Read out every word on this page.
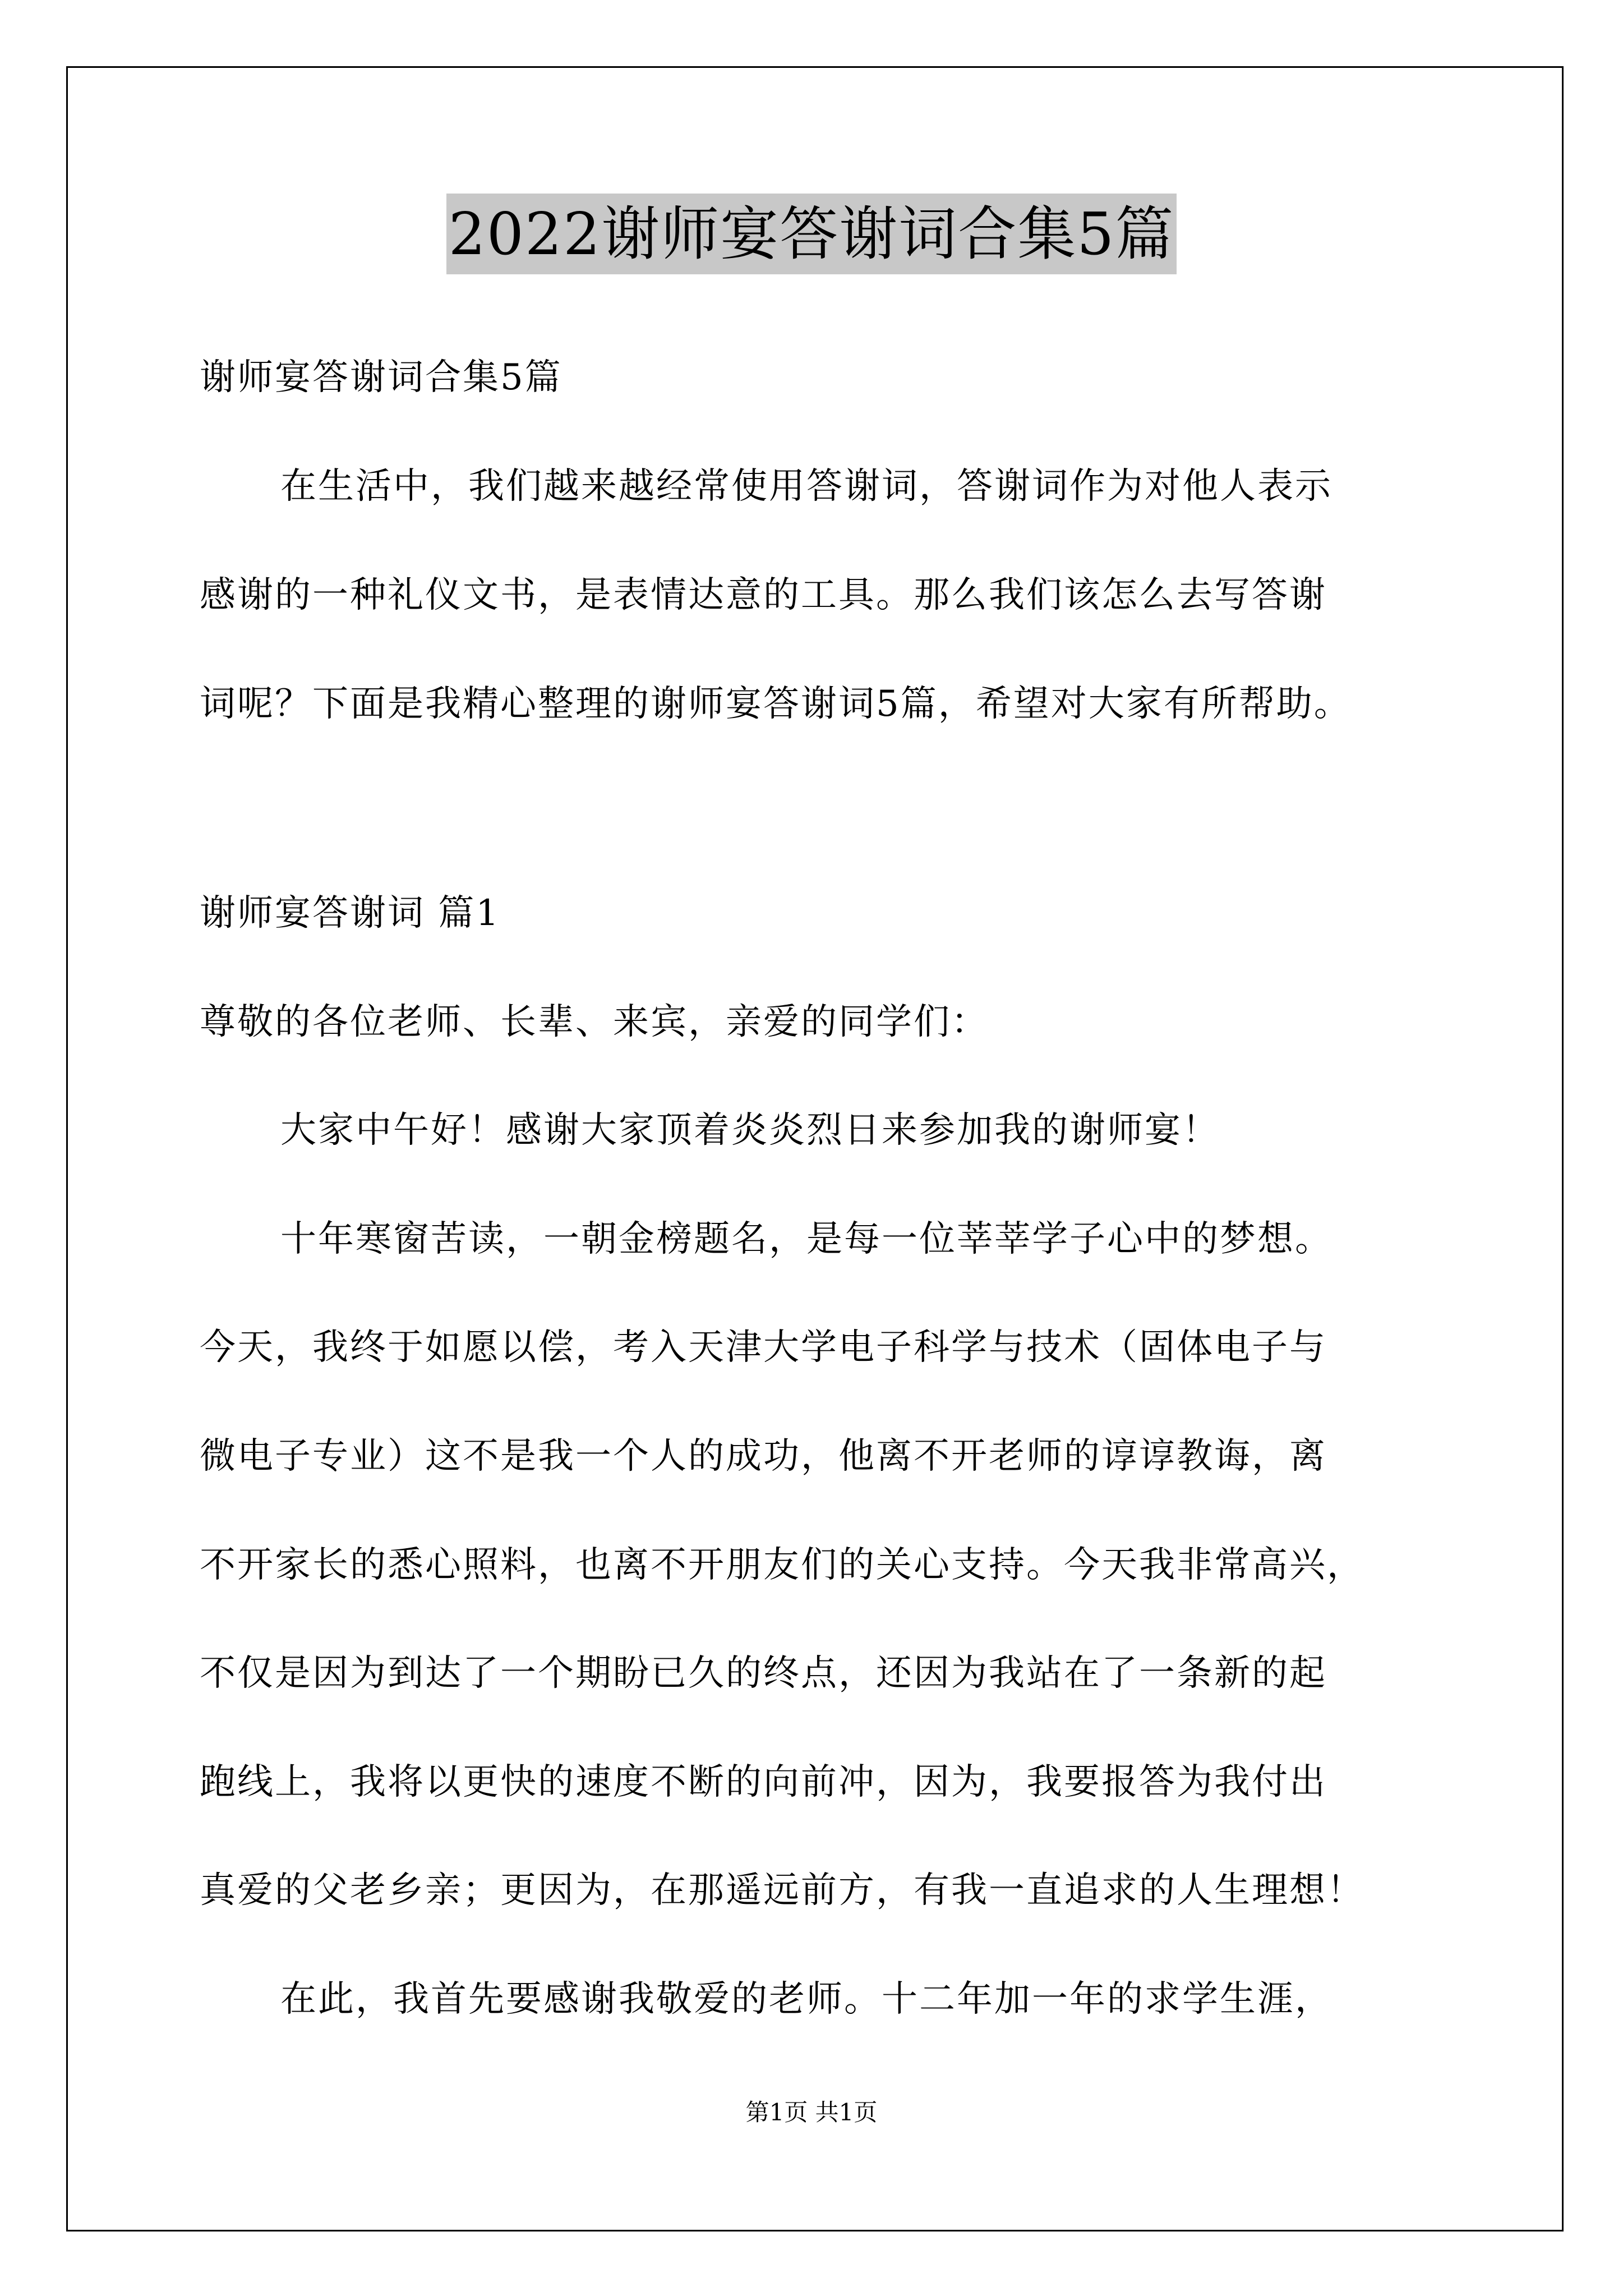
2022谢师宴答谢词合集5篇
谢师宴答谢词合集5篇
在生活中，我们越来越经常使用答谢词，答谢词作为对他人表示
感谢的一种礼仪文书，是表情达意的工具。那么我们该怎么去写答谢
词呢？下面是我精心整理的谢师宴答谢词5篇，希望对大家有所帮助。
谢师宴答谢词 篇1
尊敬的各位老师、长辈、来宾，亲爱的同学们：
大家中午好！感谢大家顶着炎炎烈日来参加我的谢师宴！
十年寒窗苦读，一朝金榜题名，是每一位莘莘学子心中的梦想。
今天，我终于如愿以偿，考入天津大学电子科学与技术（固体电子与
微电子专业）这不是我一个人的成功，他离不开老师的谆谆教诲，离
不开家长的悉心照料，也离不开朋友们的关心支持。今天我非常高兴，
不仅是因为到达了一个期盼已久的终点，还因为我站在了一条新的起
跑线上，我将以更快的速度不断的向前冲，因为，我要报答为我付出
真爱的父老乡亲；更因为，在那遥远前方，有我一直追求的人生理想！
在此，我首先要感谢我敬爱的老师。十二年加一年的求学生涯，
第1页 共1页
